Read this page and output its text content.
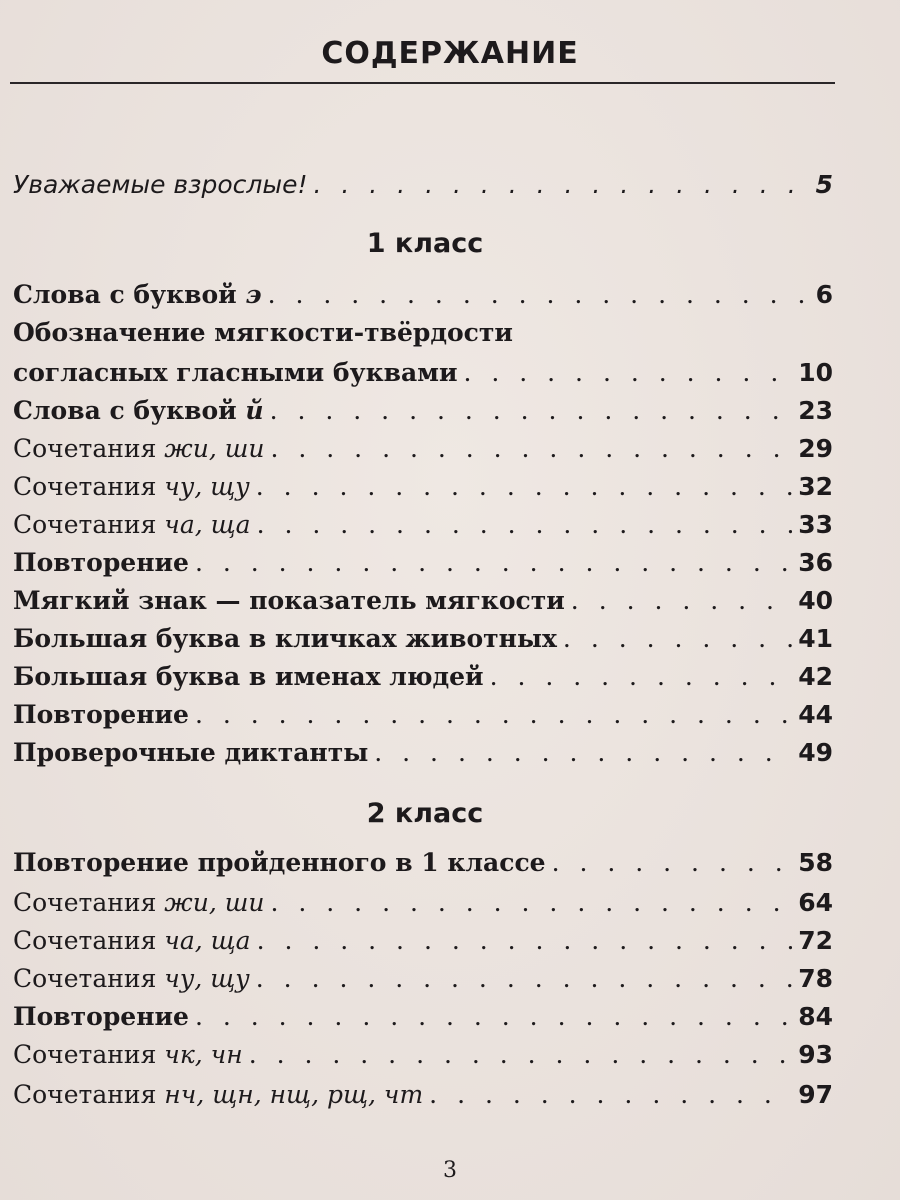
СОДЕРЖАНИЕ
Уважаемые взрослые! . . .	5
1 класс
Слова с буквой э . . .	6
Обозначение мягкости-твёрдости
согласных гласными буквами . . .	10
Слова с буквой й . . .	23
Сочетания жи, ши . . .	29
Сочетания чу, щу . . .	32
Сочетания ча, ща . . .	33
Повторение . . .	36
Мягкий знак — показатель мягкости . . .	40
Большая буква в кличках животных . . .	41
Большая буква в именах людей . . .	42
Повторение . . .	44
Проверочные диктанты . . .	49
2 класс
Повторение пройденного в 1 классе . . .	58
Сочетания жи, ши . . .	64
Сочетания ча, ща . . .	72
Сочетания чу, щу . . .	78
Повторение . . .	84
Сочетания чк, чн . . .	93
Сочетания нч, щн, нщ, рщ, чт . . .	97
3
